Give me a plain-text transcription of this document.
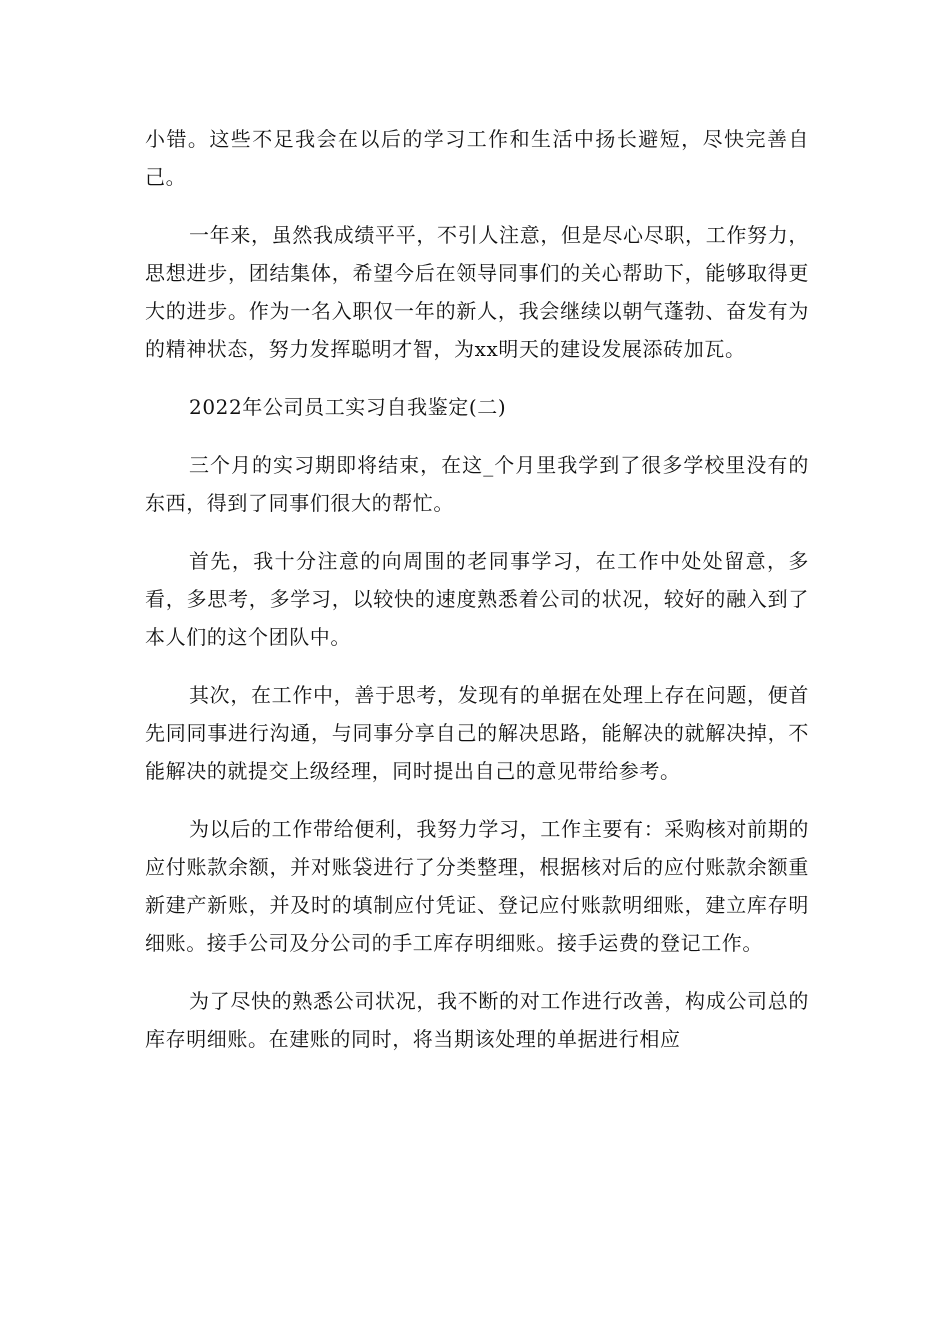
小错。这些不足我会在以后的学习工作和生活中扬长避短，尽快完善自己。

一年来，虽然我成绩平平，不引人注意，但是尽心尽职，工作努力，思想进步，团结集体，希望今后在领导同事们的关心帮助下，能够取得更大的进步。作为一名入职仅一年的新人，我会继续以朝气蓬勃、奋发有为的精神状态，努力发挥聪明才智，为xx明天的建设发展添砖加瓦。

2022年公司员工实习自我鉴定(二)

三个月的实习期即将结束，在这_个月里我学到了很多学校里没有的东西，得到了同事们很大的帮忙。

首先，我十分注意的向周围的老同事学习，在工作中处处留意，多看，多思考，多学习，以较快的速度熟悉着公司的状况，较好的融入到了本人们的这个团队中。

其次，在工作中，善于思考，发现有的单据在处理上存在问题，便首先同同事进行沟通，与同事分享自己的解决思路，能解决的就解决掉，不能解决的就提交上级经理，同时提出自己的意见带给参考。

为以后的工作带给便利，我努力学习，工作主要有：采购核对前期的应付账款余额，并对账袋进行了分类整理，根据核对后的应付账款余额重新建产新账，并及时的填制应付凭证、登记应付账款明细账，建立库存明细账。接手公司及分公司的手工库存明细账。接手运费的登记工作。

为了尽快的熟悉公司状况，我不断的对工作进行改善，构成公司总的库存明细账。在建账的同时，将当期该处理的单据进行相应
